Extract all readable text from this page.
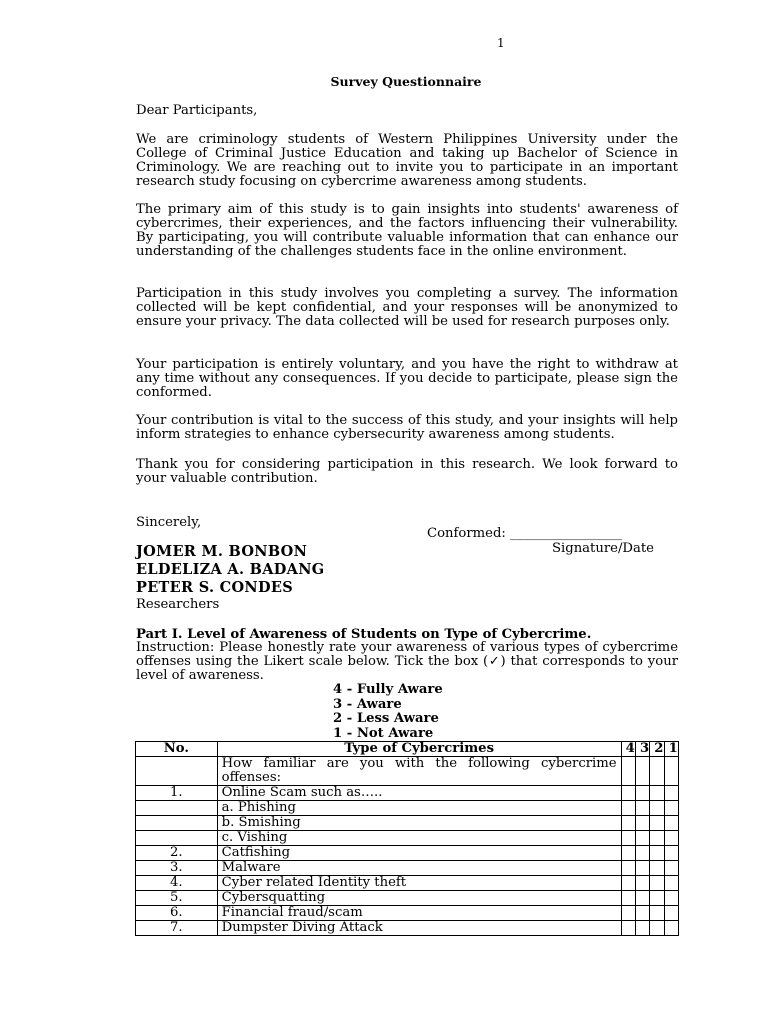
1
Survey Questionnaire
Dear Participants,
We are criminology students of Western Philippines University under the College of Criminal Justice Education and taking up Bachelor of Science in Criminology. We are reaching out to invite you to participate in an important research study focusing on cybercrime awareness among students.
The primary aim of this study is to gain insights into students' awareness of cybercrimes, their experiences, and the factors influencing their vulnerability. By participating, you will contribute valuable information that can enhance our understanding of the challenges students face in the online environment.
Participation in this study involves you completing a survey. The information collected will be kept confidential, and your responses will be anonymized to ensure your privacy. The data collected will be used for research purposes only.
Your participation is entirely voluntary, and you have the right to withdraw at any time without any consequences. If you decide to participate, please sign the conformed.
Your contribution is vital to the success of this study, and your insights will help inform strategies to enhance cybersecurity awareness among students.
Thank you for considering participation in this research. We look forward to your valuable contribution.
Sincerely,
Conformed: _________________
Signature/Date
JOMER M. BONBON
ELDELIZA A. BADANG
PETER S. CONDES
Researchers
Part I. Level of Awareness of Students on Type of Cybercrime.
Instruction: Please honestly rate your awareness of various types of cybercrime offenses using the Likert scale below. Tick the box (✓) that corresponds to your level of awareness.
4 - Fully Aware
3 - Aware
2 - Less Aware
1 - Not Aware
No.	Type of Cybercrimes	4	3	2	1
	How familiar are you with the following cybercrime offenses:				
1.	Online Scam such as…..				
	a. Phishing				
	b. Smishing				
	c. Vishing				
2.	Catfishing				
3.	Malware				
4.	Cyber related Identity theft				
5.	Cybersquatting				
6.	Financial fraud/scam				
7.	Dumpster Diving Attack				
